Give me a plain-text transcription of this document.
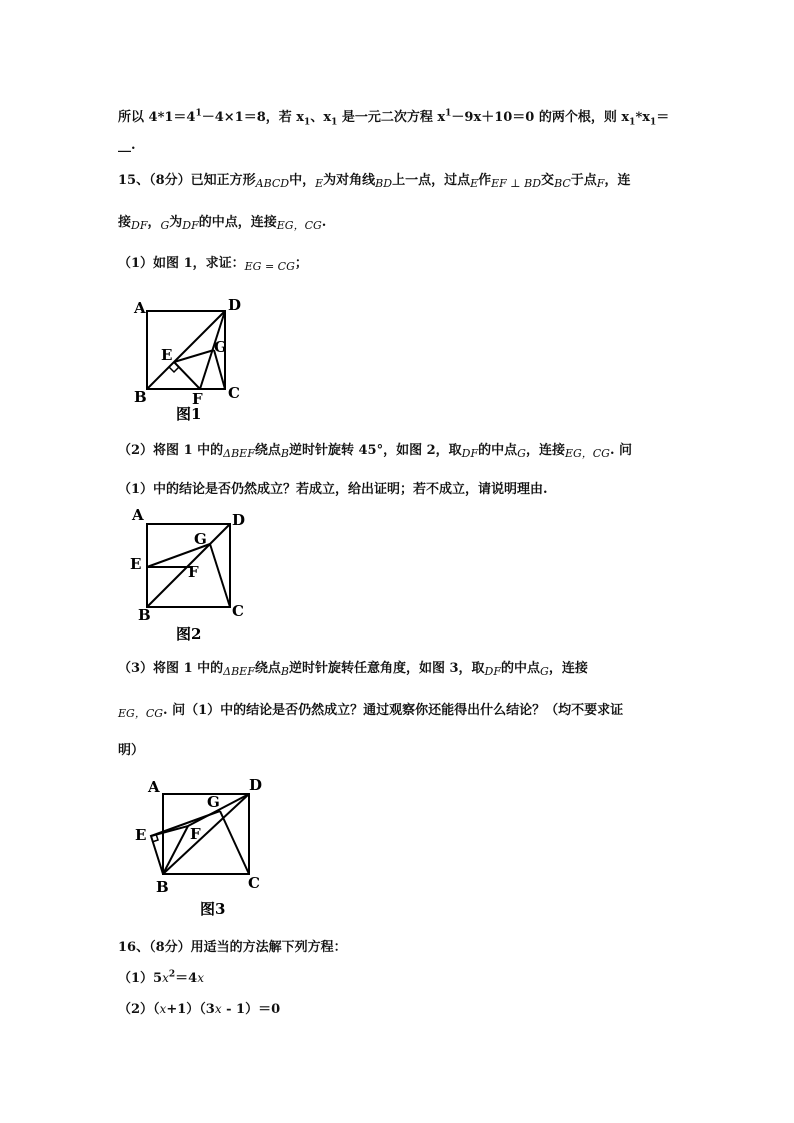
所以 $4*1=4^1-4\times 1=8$，若 $x_1$、$x_1$ 是一元二次方程 $x^1-9x+10=0$ 的两个根，则 $x_1*x_1=$
__.
15、（8分）已知正方形$_{ABCD}$中，$_E$为对角线$_{BD}$上一点，过点$_E$作$_{EF \perp BD}$交$_{BC}$于点$_F$，连
接$_{DF}$，$_G$为$_{DF}$的中点，连接$_{EG,CG}$.
（1）如图 1，求证：$_{EG = CG}$；
A	D
E	G
B	F C
图1
（2）将图 1 中的$_{\Delta BEF}$绕点$_B$逆时针旋转 45°，如图 2，取$_{DF}$的中点$_G$，连接$_{EG,CG}$. 问
（1）中的结论是否仍然成立？若成立，给出证明；若不成立，请说明理由.
A	D
G
E	F
B	C
图2
（3）将图 1 中的$_{\Delta BEF}$绕点$_B$逆时针旋转任意角度，如图 3，取$_{DF}$的中点$_G$，连接
$_{EG,CG}$. 问（1）中的结论是否仍然成立？通过观察你还能得出什么结论？（均不要求证
明）
A	D
G
E	F
B	C
图3
16、（8分）用适当的方法解下列方程：
$(1)5x^2=4x$
（2）（x+1）（3x - 1）＝0
